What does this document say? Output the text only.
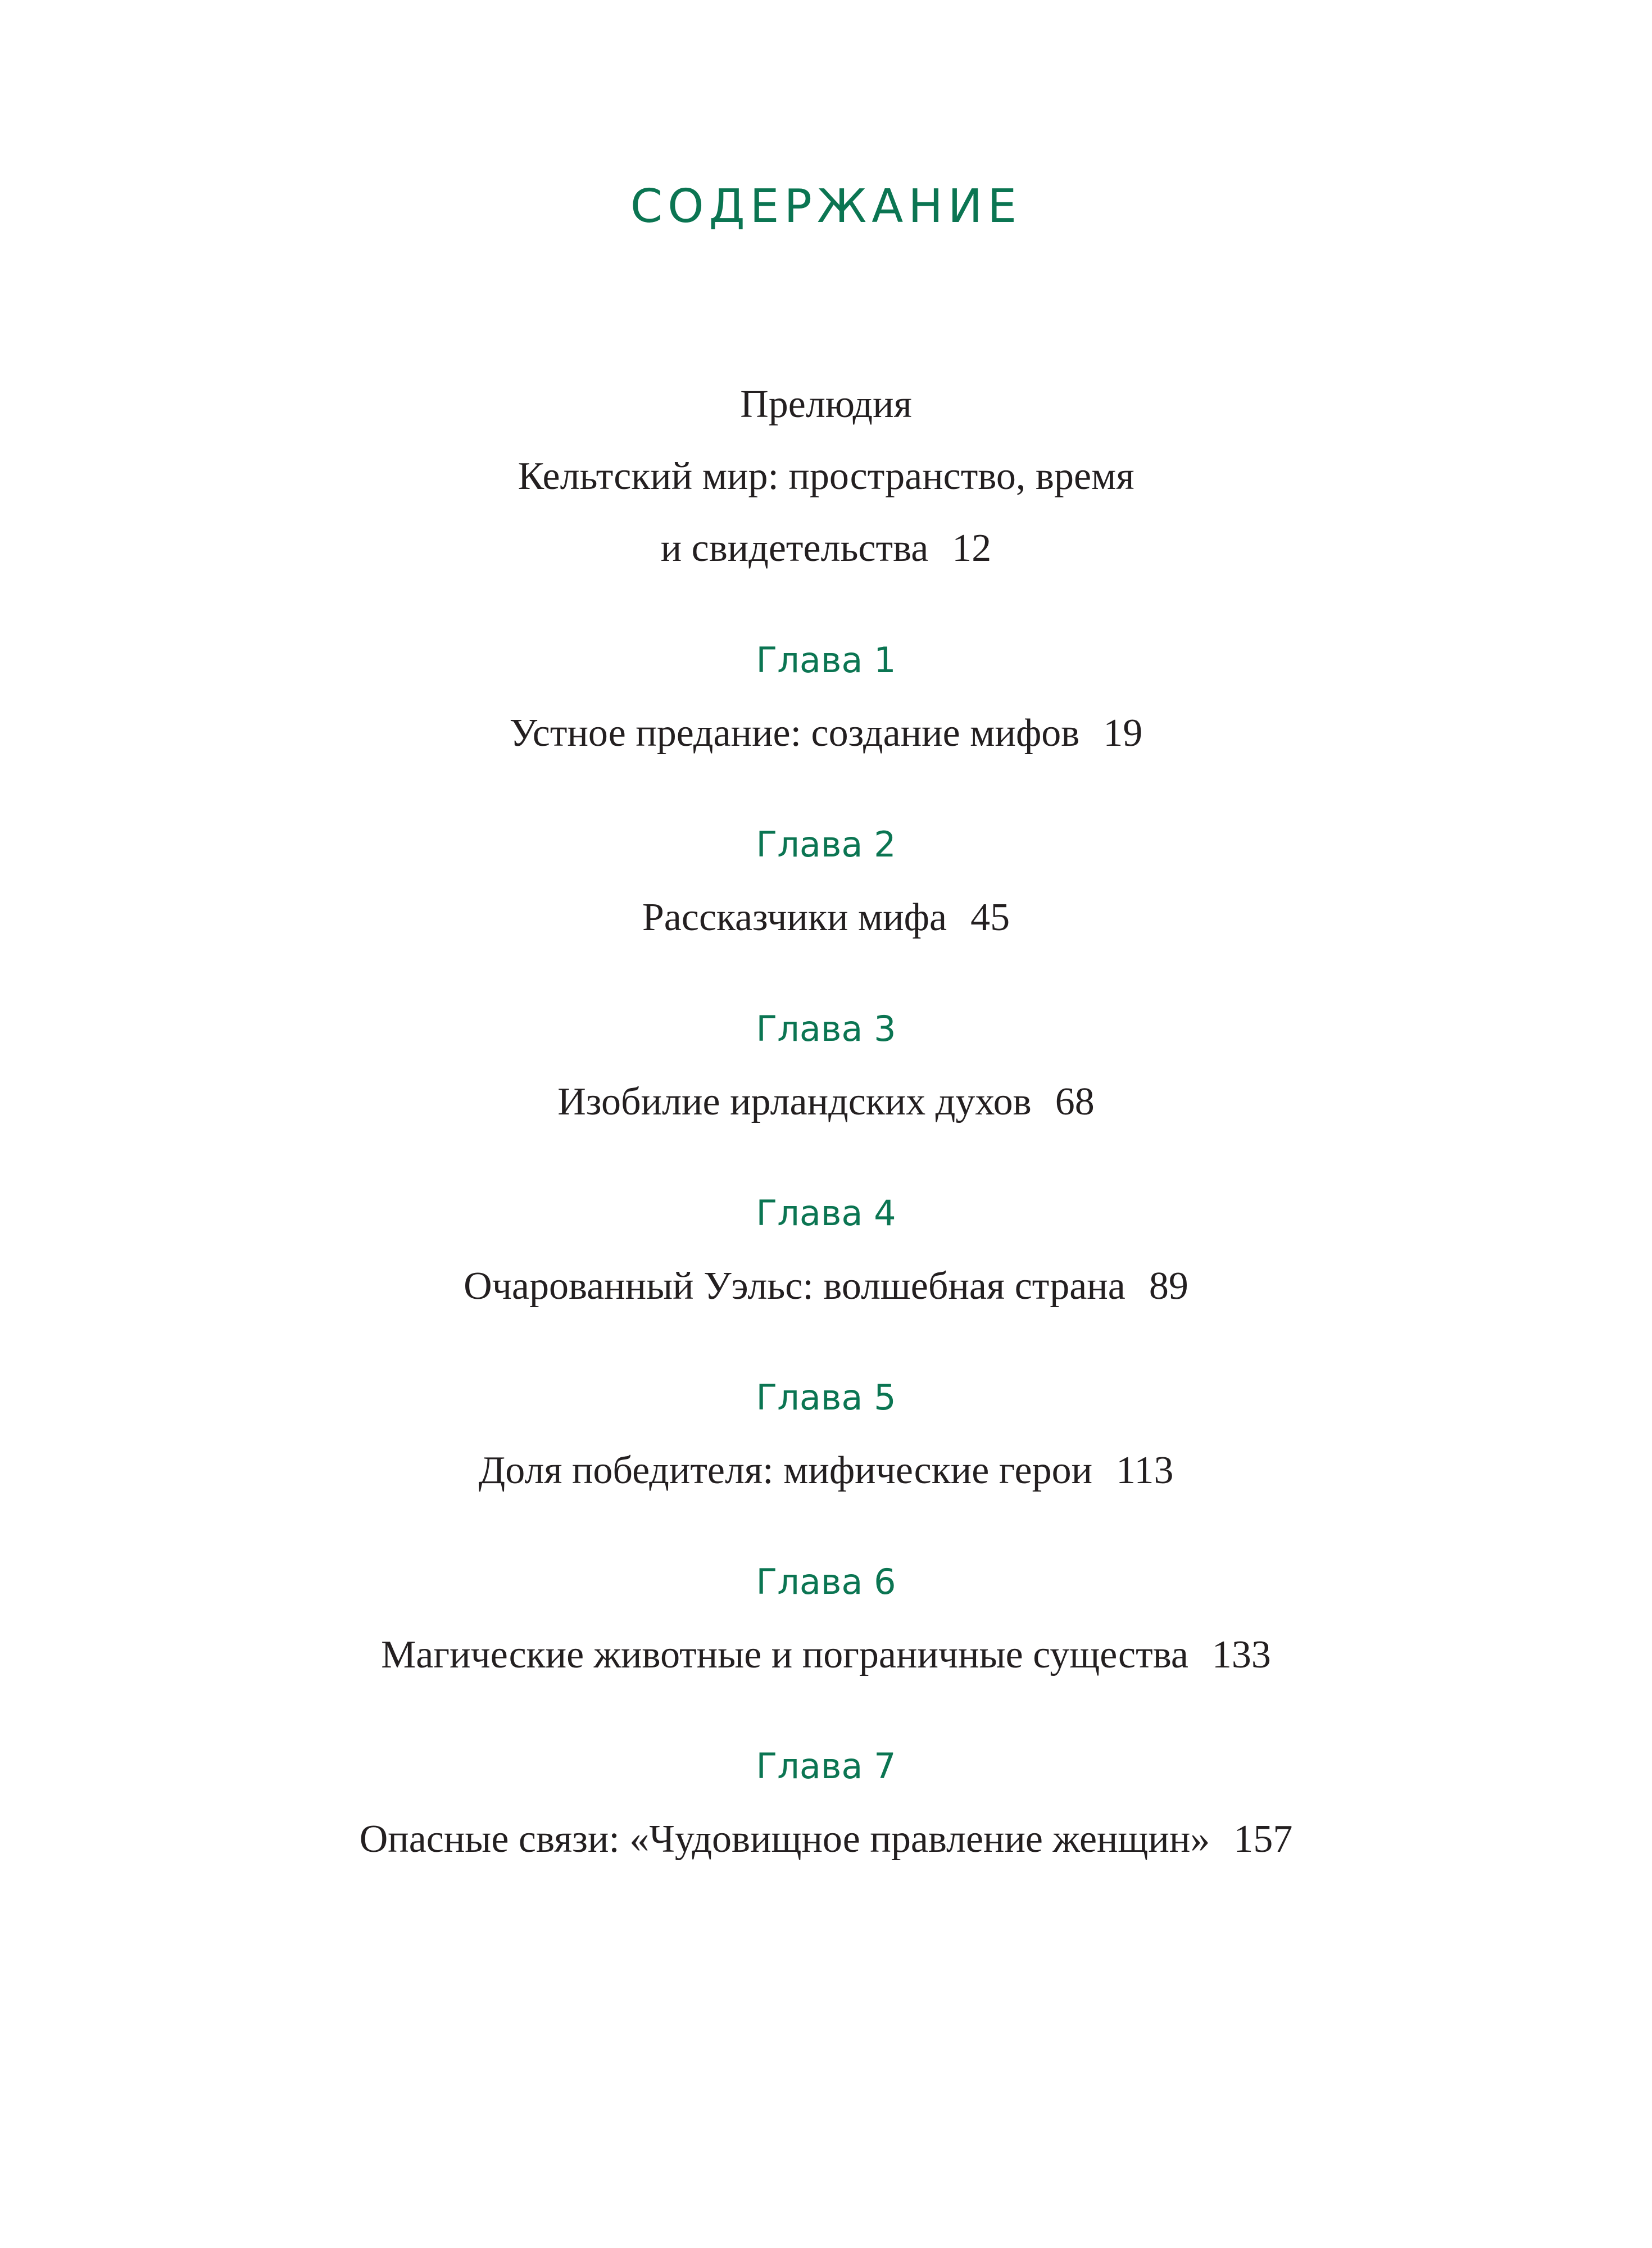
СОДЕРЖАНИЕ
Прелюдия
Кельтский мир: пространство, время
и свидетельства 12
Глава 1
Устное предание: создание мифов 19
Глава 2
Рассказчики мифа 45
Глава 3
Изобилие ирландских духов 68
Глава 4
Очарованный Уэльс: волшебная страна 89
Глава 5
Доля победителя: мифические герои 113
Глава 6
Магические животные и пограничные существа 133
Глава 7
Опасные связи: «Чудовищное правление женщин» 157
